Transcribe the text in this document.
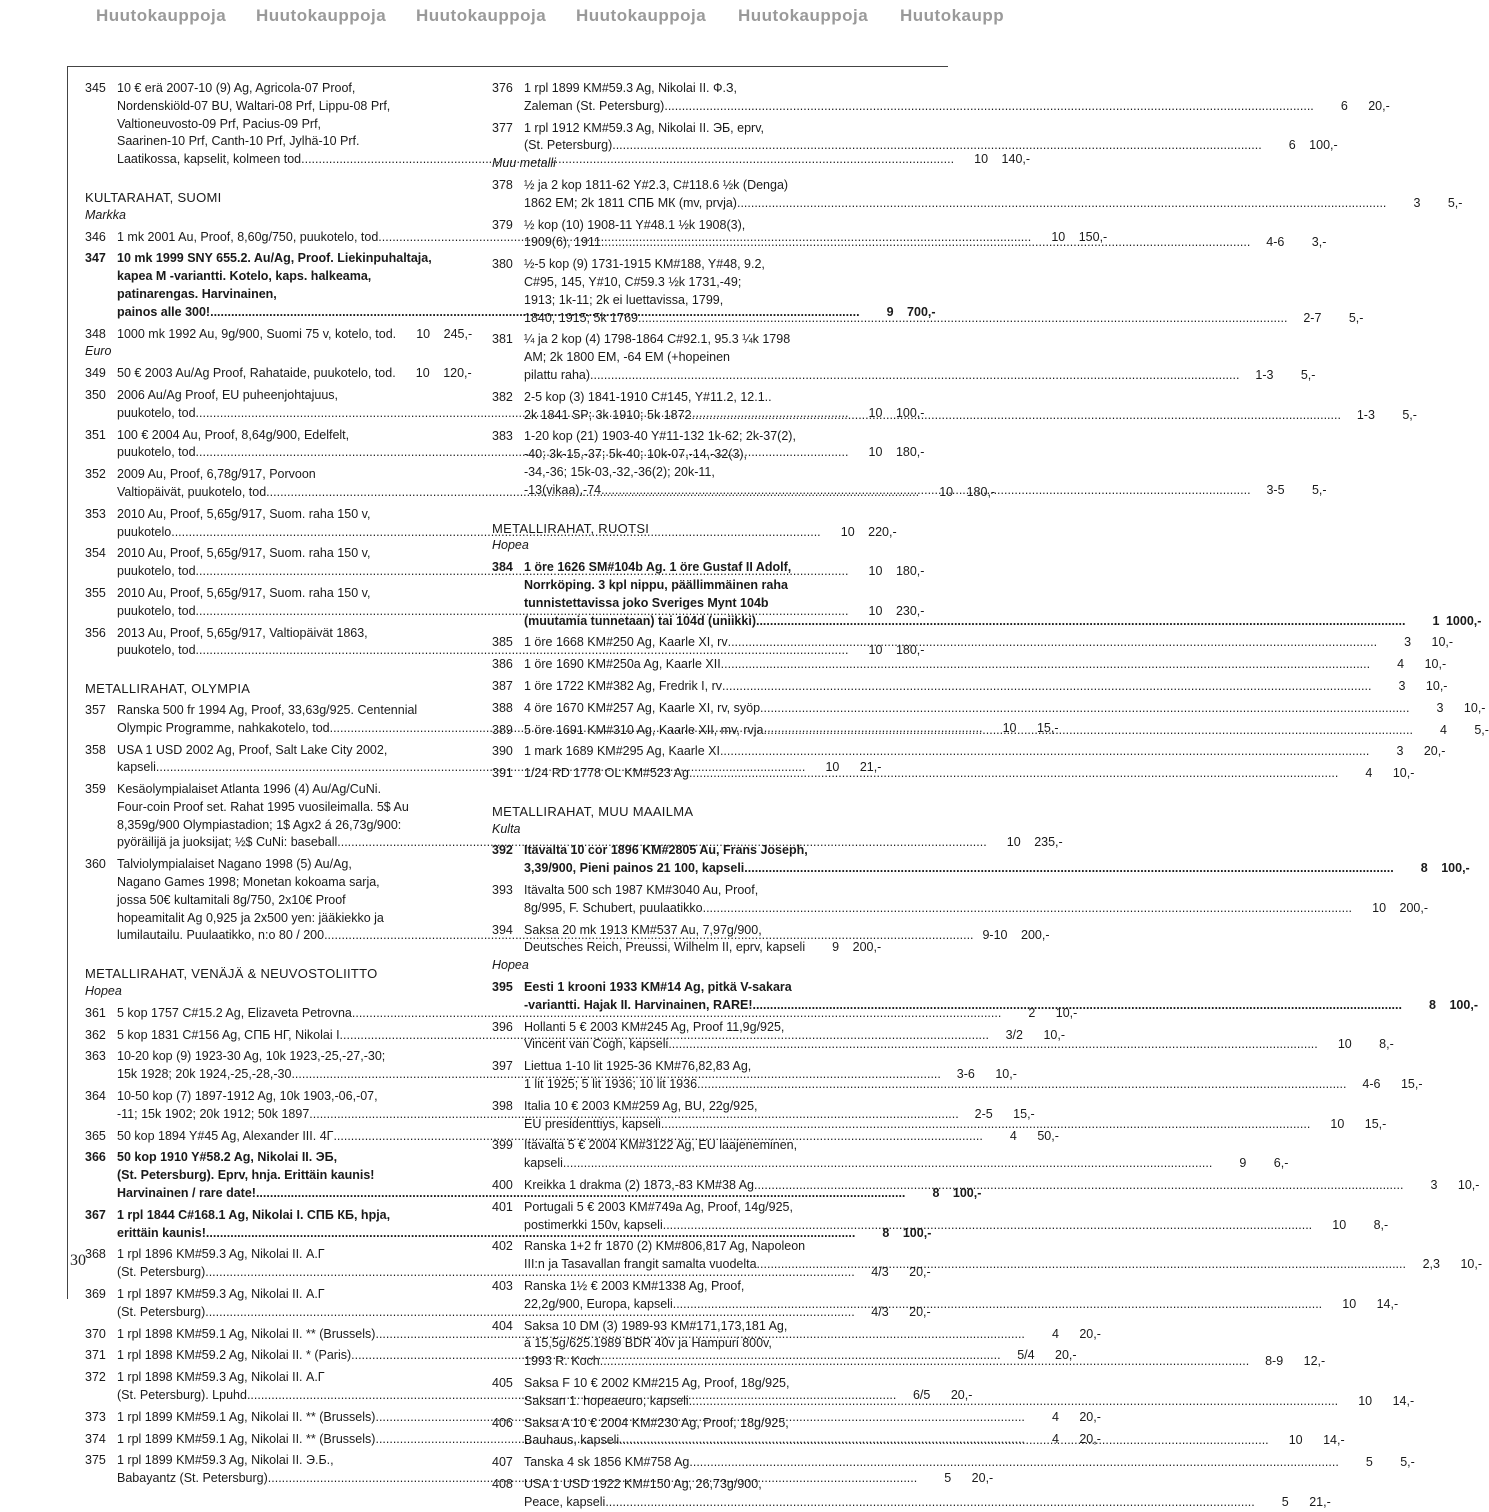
Huutokauppoja Huutokauppoja Huutokauppoja Huutokauppoja Huutokauppoja Huutokaupp
345 10 € erä 2007-10 (9) Ag, Agricola-07 Proof,
Nordenskiöld-07 BU, Waltari-08 Prf, Lippu-08 Prf,
Valtioneuvosto-09 Prf, Pacius-09 Prf,
Saarinen-10 Prf, Canth-10 Prf, Jylhä-10 Prf.
Laatikossa, kapselit, kolmeen tod. .....	10	140,-
KULTARAHAT, SUOMI
Markka
346 1 mk 2001 Au, Proof, 8,60g/750, puukotelo, tod. .....	10	150,-
347 10 mk 1999 SNY 655.2. Au/Ag, Proof. Liekinpuhaltaja,
kapea M -variantti. Kotelo, kaps. halkeama,
patinarengas. Harvinainen,
painos alle 300! .....	9	700,-
348 1000 mk 1992 Au, 9g/900, Suomi 75 v, kotelo, tod.	10	245,-
Euro
349 50 € 2003 Au/Ag Proof, Rahataide, puukotelo, tod.	10	120,-
350 2006 Au/Ag Proof, EU puheenjohtajuus,
puukotelo, tod. .....	10	100,-
351 100 € 2004 Au, Proof, 8,64g/900, Edelfelt,
puukotelo, tod. .....	10	180,-
352 2009 Au, Proof, 6,78g/917, Porvoon
Valtiopäivät, puukotelo, tod. .....	10	180,-
353 2010 Au, Proof, 5,65g/917, Suom. raha 150 v,
puukotelo .....	10	220,-
354 2010 Au, Proof, 5,65g/917, Suom. raha 150 v,
puukotelo, tod. .....	10	180,-
355 2010 Au, Proof, 5,65g/917, Suom. raha 150 v,
puukotelo, tod. .....	10	230,-
356 2013 Au, Proof, 5,65g/917, Valtiopäivät 1863,
puukotelo, tod. .....	10	180,-
METALLIRAHAT, OLYMPIA
357 Ranska 500 fr 1994 Ag, Proof, 33,63g/925. Centennial
Olympic Programme, nahkakotelo, tod. .....	10	15,-
358 USA 1 USD 2002 Ag, Proof, Salt Lake City 2002,
kapseli .....	10	21,-
359 Kesäolympialaiset Atlanta 1996 (4) Au/Ag/CuNi.
Four-coin Proof set. Rahat 1995 vuosileimalla. 5$ Au
8,359g/900 Olympiastadion; 1$ Agx2 á 26,73g/900:
pyöräilijä ja juoksijat; ½$ CuNi: baseball .....	10	235,-
360 Talviolympialaiset Nagano 1998 (5) Au/Ag,
Nagano Games 1998; Monetan kokoama sarja,
jossa 50€ kultamitali 8g/750, 2x10€ Proof
hopeamitalit Ag 0,925 ja 2x500 yen: jääkiekko ja
lumilautailu. Puulaatikko, n:o 80 / 200 .....	9-10	200,-
METALLIRAHAT, VENÄJÄ & NEUVOSTOLIITTO
Hopea
361 5 kop 1757 C#15.2 Ag, Elizaveta Petrovna .....	2	10,-
362 5 kop 1831 C#156 Ag, СПБ НГ, Nikolai I .....	3/2	10,-
363 10-20 kop (9) 1923-30 Ag, 10k 1923,-25,-27,-30;
15k 1928; 20k 1924,-25,-28,-30 .....	3-6	10,-
364 10-50 kop (7) 1897-1912 Ag, 10k 1903,-06,-07,
-11; 15k 1902; 20k 1912; 50k 1897 .....	2-5	15,-
365 50 kop 1894 Y#45 Ag, Alexander III. 4Г .....	4	50,-
366 50 kop 1910 Y#58.2 Ag, Nikolai II. ЭБ,
(St. Petersburg). Eprv, hnja. Erittäin kaunis!
Harvinainen / rare date! .....	8	100,-
367 1 rpl 1844 C#168.1 Ag, Nikolai I. СПБ КБ, hpja,
erittäin kaunis! .....	8	100,-
368 1 rpl 1896 KM#59.3 Ag, Nikolai II. А.Г
(St. Petersburg) .....	4/3	20,-
369 1 rpl 1897 KM#59.3 Ag, Nikolai II. А.Г
(St. Petersburg) .....	4/3	20,-
370 1 rpl 1898 KM#59.1 Ag, Nikolai II. ** (Brussels) .....	4	20,-
371 1 rpl 1898 KM#59.2 Ag, Nikolai II. * (Paris) .....	5/4	20,-
372 1 rpl 1898 KM#59.3 Ag, Nikolai II. А.Г
(St. Petersburg). Lpuhd .....	6/5	20,-
373 1 rpl 1899 KM#59.1 Ag, Nikolai II. ** (Brussels) .....	4	20,-
374 1 rpl 1899 KM#59.1 Ag, Nikolai II. ** (Brussels) .....	4	20,-
375 1 rpl 1899 KM#59.3 Ag, Nikolai II. Э.Б.,
Babayantz (St. Petersburg) .....	5	20,-
376 1 rpl 1899 KM#59.3 Ag, Nikolai II. Ф.З,
Zaleman (St. Petersburg) .....	6	20,-
377 1 rpl 1912 KM#59.3 Ag, Nikolai II. ЭБ, eprv,
(St. Petersburg) .....	6	100,-
Muu metalli
378 ½ ja 2 kop 1811-62 Y#2.3, C#118.6 ½k (Denga)
1862 EM; 2k 1811 СПБ МК (mv, prvja) .....	3	5,-
379 ½ kop (10) 1908-11 Y#48.1 ½k 1908(3),
1909(6), 1911 .....	4-6	3,-
380 ½-5 kop (9) 1731-1915 KM#188, Y#48, 9.2,
C#95, 145, Y#10, C#59.3 ½k 1731,-49;
1913; 1k-11; 2k ei luettavissa, 1799,
1840, 1915; 5k 1769 .....	2-7	5,-
381 ¼ ja 2 kop (4) 1798-1864 C#92.1, 95.3 ¼k 1798
AM; 2k 1800 EM, -64 EM (+hopeinen
pilattu raha) .....	1-3	5,-
382 2-5 kop (3) 1841-1910 C#145, Y#11.2, 12.1..
2k 1841 SP; 3k 1910; 5k 1872 .....	1-3	5,-
383 1-20 kop (21) 1903-40 Y#11-132 1k-62; 2k-37(2),
-40; 3k-15,-37; 5k-40; 10k-07,-14,-32(3),
-34,-36; 15k-03,-32,-36(2); 20k-11,
-13(vikaa),-74 .....	3-5	5,-
METALLIRAHAT, RUOTSI
Hopea
384 1 öre 1626 SM#104b Ag. 1 öre Gustaf II Adolf,
Norrköping. 3 kpl nippu, päällimmäinen raha
tunnistettavissa joko Sveriges Mynt 104b
(muutamia tunnetaan) tai 104d (uniikki) .....	1 1000,-
385 1 öre 1668 KM#250 Ag, Kaarle XI, rv .....	3	10,-
386 1 öre 1690 KM#250a Ag, Kaarle XII .....	4	10,-
387 1 öre 1722 KM#382 Ag, Fredrik I, rv .....	3	10,-
388 4 öre 1670 KM#257 Ag, Kaarle XI, rv, syöp .....	3	10,-
389 5 öre 1691 KM#310 Ag, Kaarle XII, mv, rvja .....	4	5,-
390 1 mark 1689 KM#295 Ag, Kaarle XI .....	3	20,-
391 1/24 RD 1778 OL KM#523 Ag .....	4	10,-
METALLIRAHAT, MUU MAAILMA
Kulta
392 Itävalta 10 cor 1896 KM#2805 Au, Frans Joseph,
3,39/900, Pieni painos 21 100, kapseli .....	8	100,-
393 Itävalta 500 sch 1987 KM#3040 Au, Proof,
8g/995, F. Schubert, puulaatikko .....	10	200,-
394 Saksa 20 mk 1913 KM#537 Au, 7,97g/900,
Deutsches Reich, Preussi, Wilhelm II, eprv, kapseli	9	200,-
Hopea
395 Eesti 1 krooni 1933 KM#14 Ag, pitkä V-sakara
-variantti. Hajak II. Harvinainen, RARE! .....	8	100,-
396 Hollanti 5 € 2003 KM#245 Ag, Proof 11,9g/925,
Vincent van Cogh, kapseli .....	10	8,-
397 Liettua 1-10 lit 1925-36 KM#76,82,83 Ag,
1 lit 1925; 5 lit 1936; 10 lit 1936 .....	4-6	15,-
398 Italia 10 € 2003 KM#259 Ag, BU, 22g/925,
EU presidenttiys, kapseli .....	10	15,-
399 Itävalta 5 € 2004 KM#3122 Ag, EU laajeneminen,
kapseli .....	9	6,-
400 Kreikka 1 drakma (2) 1873,-83 KM#38 Ag .....	3	10,-
401 Portugali 5 € 2003 KM#749a Ag, Proof, 14g/925,
postimerkki 150v, kapseli .....	10	8,-
402 Ranska 1+2 fr 1870 (2) KM#806,817 Ag, Napoleon
III:n ja Tasavallan frangit samalta vuodelta .....	2,3	10,-
403 Ranska 1½ € 2003 KM#1338 Ag, Proof,
22,2g/900, Europa, kapseli .....	10	14,-
404 Saksa 10 DM (3) 1989-93 KM#171,173,181 Ag,
á 15,5g/625.1989 BDR 40v ja Hampuri 800v,
1993 R. Koch .....	8-9	12,-
405 Saksa F 10 € 2002 KM#215 Ag, Proof, 18g/925,
Saksan 1. hopeaeuro, kapseli .....	10	14,-
406 Saksa A 10 € 2004 KM#230 Ag, Proof, 18g/925,
Bauhaus, kapseli .....	10	14,-
407 Tanska 4 sk 1856 KM#758 Ag .....	5	5,-
408 USA 1 USD 1922 KM#150 Ag, 26,73g/900,
Peace, kapseli .....	5	21,-
30
